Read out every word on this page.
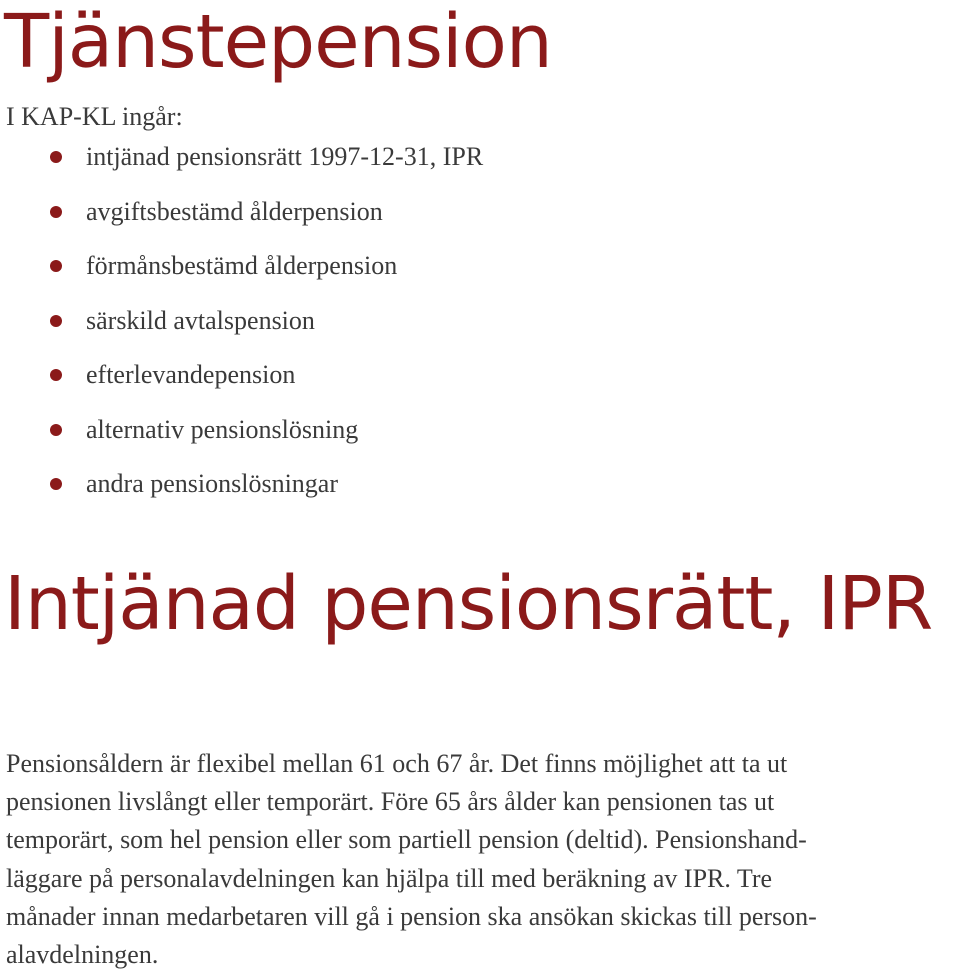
Tjänstepension

I KAP-KL ingår:

intjänad pensionsrätt 1997-12-31, IPR
avgiftsbestämd ålderpension
förmånsbestämd ålderpension
särskild avtalspension
efterlevandepension
alternativ pensionslösning
andra pensionslösningar
Intjänad pensionsrätt, IPR
Pensionsåldern är flexibel mellan 61 och 67 år. Det finns möjlighet att ta ut
pensionen livslångt eller temporärt. Före 65 års ålder kan pensionen tas ut
temporärt, som hel pension eller som partiell pension (deltid). Pensionshand-
läggare på personalavdelningen kan hjälpa till med beräkning av IPR. Tre
månader innan medarbetaren vill gå i pension ska ansökan skickas till person-
alavdelningen.
